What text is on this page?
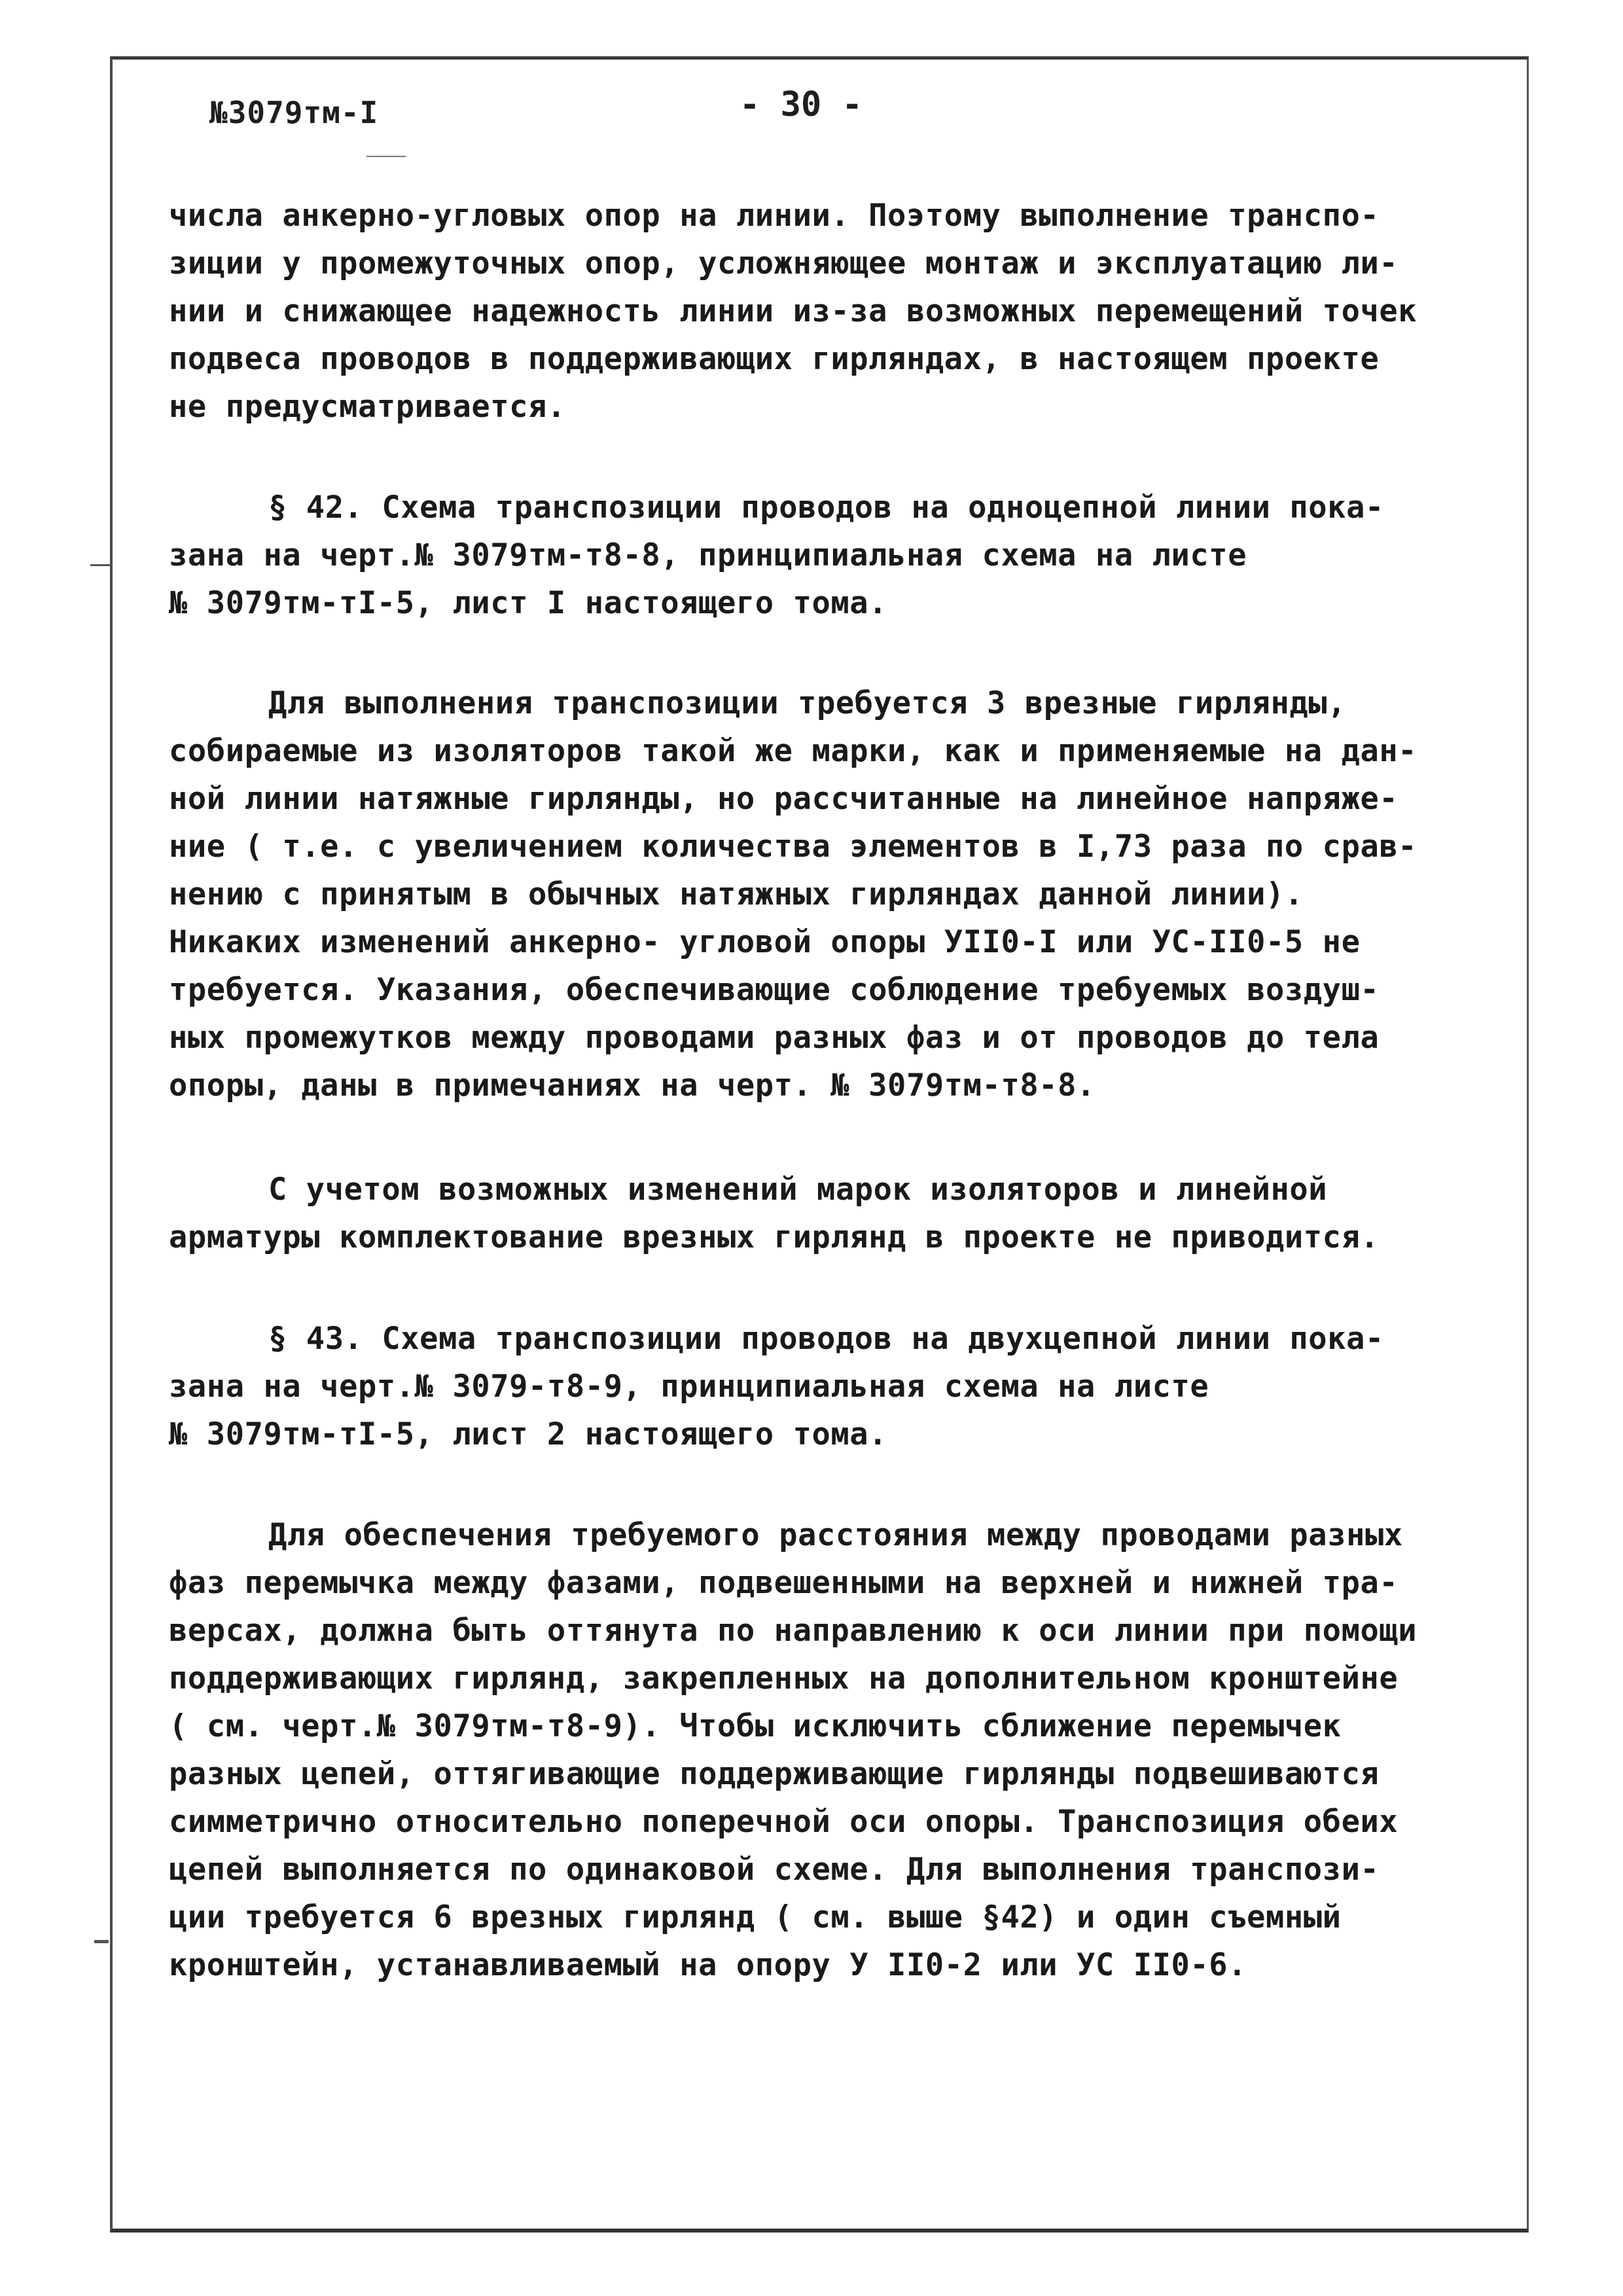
№3079тм-I	- 30 -
числа анкерно-угловых опор на линии. Поэтому выполнение транспо-
зиции у промежуточных опор, усложняющее монтаж и эксплуатацию ли-
нии и снижающее надежность линии из-за возможных перемещений точек
подвеса проводов в поддерживающих гирляндах, в настоящем проекте
не предусматривается.
§ 42. Схема транспозиции проводов на одноцепной линии пока-
зана на черт.№ 3079тм-т8-8, принципиальная схема на листе
№ 3079тм-тI-5, лист I настоящего тома.
Для выполнения транспозиции требуется 3 врезные гирлянды,
собираемые из изоляторов такой же марки, как и применяемые на дан-
ной линии натяжные гирлянды, но рассчитанные на линейное напряже-
ние ( т.е. с увеличением количества элементов в I,73 раза по срав-
нению с принятым в обычных натяжных гирляндах данной линии).
Никаких изменений анкерно- угловой опоры УII0-I или УС-II0-5 не
требуется. Указания, обеспечивающие соблюдение требуемых воздуш-
ных промежутков между проводами разных фаз и от проводов до тела
опоры, даны в примечаниях на черт. № 3079тм-т8-8.
С учетом возможных изменений марок изоляторов и линейной
арматуры комплектование врезных гирлянд в проекте не приводится.
§ 43. Схема транспозиции проводов на двухцепной линии пока-
зана на черт.№ 3079-т8-9, принципиальная схема на листе
№ 3079тм-тI-5, лист 2 настоящего тома.
Для обеспечения требуемого расстояния между проводами разных
фаз перемычка между фазами, подвешенными на верхней и нижней тра-
версах, должна быть оттянута по направлению к оси линии при помощи
поддерживающих гирлянд, закрепленных на дополнительном кронштейне
( см. черт.№ 3079тм-т8-9). Чтобы исключить сближение перемычек
разных цепей, оттягивающие поддерживающие гирлянды подвешиваются
симметрично относительно поперечной оси опоры. Транспозиция обеих
цепей выполняется по одинаковой схеме. Для выполнения транспози-
ции требуется 6 врезных гирлянд ( см. выше §42) и один съемный
кронштейн, устанавливаемый на опору У II0-2 или УС II0-6.
